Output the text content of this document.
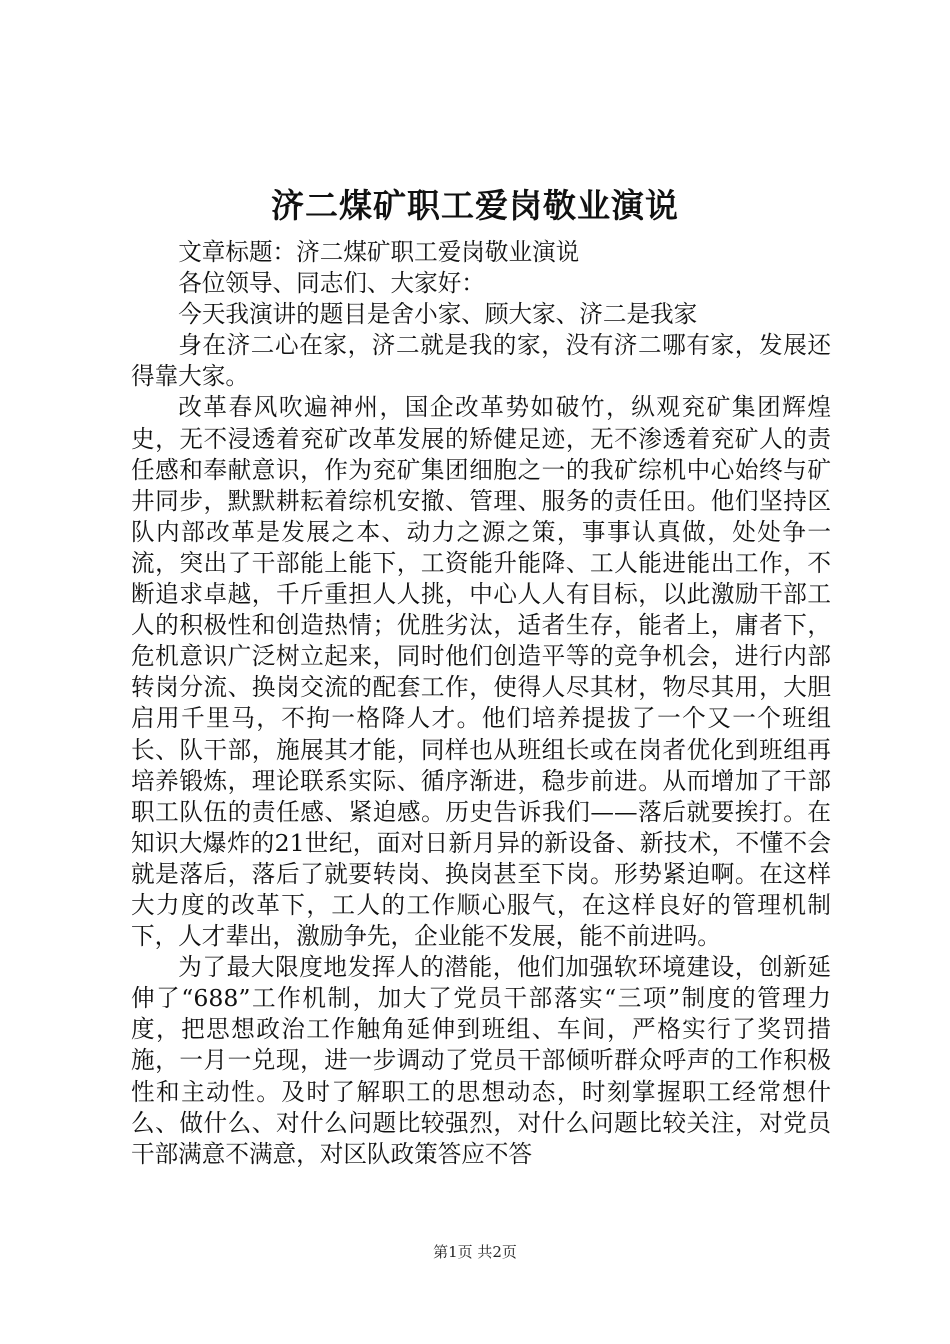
济二煤矿职工爱岗敬业演说

文章标题：济二煤矿职工爱岗敬业演说

各位领导、同志们、大家好：

今天我演讲的题目是舍小家、顾大家、济二是我家

身在济二心在家，济二就是我的家，没有济二哪有家，发展还得靠大家。

改革春风吹遍神州，国企改革势如破竹，纵观兖矿集团辉煌史，无不浸透着兖矿改革发展的矫健足迹，无不渗透着兖矿人的责任感和奉献意识，作为兖矿集团细胞之一的我矿综机中心始终与矿井同步，默默耕耘着综机安撤、管理、服务的责任田。他们坚持区队内部改革是发展之本、动力之源之策，事事认真做，处处争一流，突出了干部能上能下，工资能升能降、工人能进能出工作，不断追求卓越，千斤重担人人挑，中心人人有目标，以此激励干部工人的积极性和创造热情；优胜劣汰，适者生存，能者上，庸者下，危机意识广泛树立起来，同时他们创造平等的竞争机会，进行内部转岗分流、换岗交流的配套工作，使得人尽其材，物尽其用，大胆启用千里马，不拘一格降人才。他们培养提拔了一个又一个班组长、队干部，施展其才能，同样也从班组长或在岗者优化到班组再培养锻炼，理论联系实际、循序渐进，稳步前进。从而增加了干部职工队伍的责任感、紧迫感。历史告诉我们——落后就要挨打。在知识大爆炸的21世纪，面对日新月异的新设备、新技术，不懂不会就是落后，落后了就要转岗、换岗甚至下岗。形势紧迫啊。在这样大力度的改革下，工人的工作顺心服气，在这样良好的管理机制下，人才辈出，激励争先，企业能不发展，能不前进吗。

为了最大限度地发挥人的潜能，他们加强软环境建设，创新延伸了“688”工作机制，加大了党员干部落实“三项”制度的管理力度，把思想政治工作触角延伸到班组、车间，严格实行了奖罚措施，一月一兑现，进一步调动了党员干部倾听群众呼声的工作积极性和主动性。及时了解职工的思想动态，时刻掌握职工经常想什么、做什么、对什么问题比较强烈，对什么问题比较关注，对党员干部满意不满意，对区队政策答应不答

第1页 共2页
